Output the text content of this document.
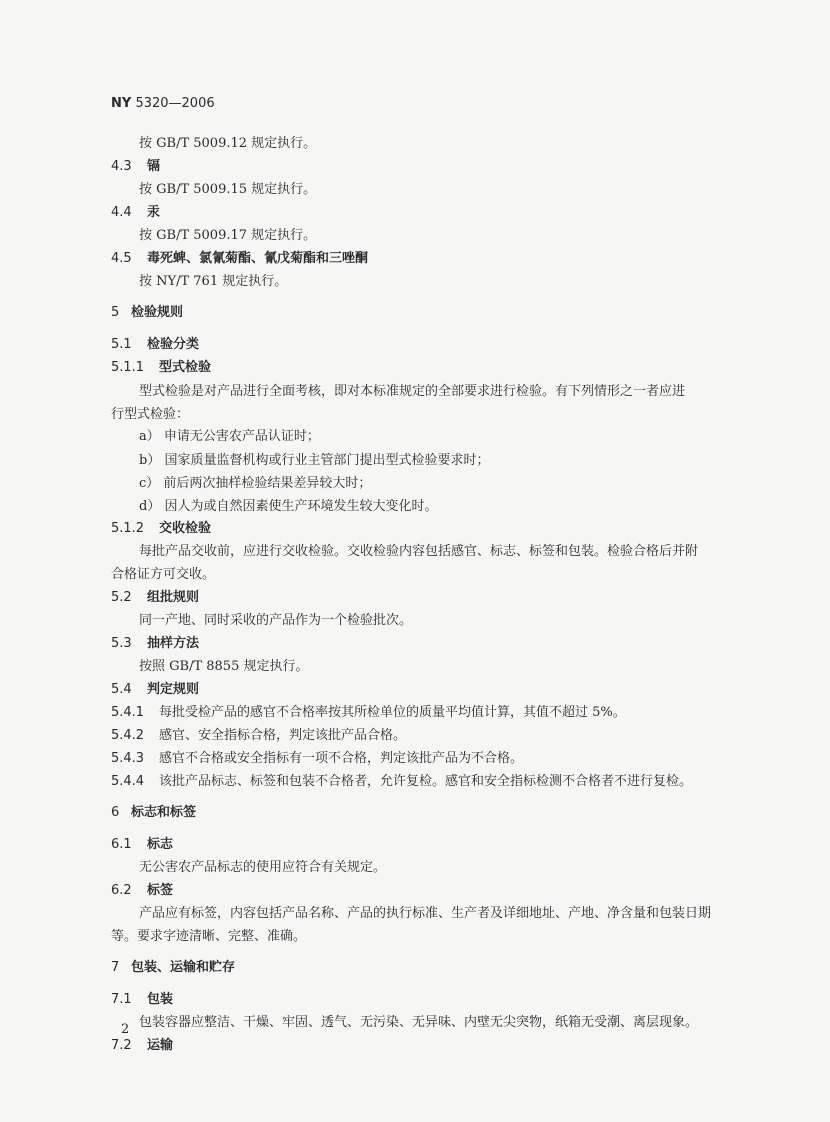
NY 5320—2006
按 GB/T 5009.12 规定执行。
4.3 镉
按 GB/T 5009.15 规定执行。
4.4 汞
按 GB/T 5009.17 规定执行。
4.5 毒死蜱、氯氰菊酯、氰戊菊酯和三唑酮
按 NY/T 761 规定执行。
5 检验规则
5.1 检验分类
5.1.1 型式检验
型式检验是对产品进行全面考核，即对本标准规定的全部要求进行检验。有下列情形之一者应进
行型式检验：
a） 申请无公害农产品认证时；
b） 国家质量监督机构或行业主管部门提出型式检验要求时；
c） 前后两次抽样检验结果差异较大时；
d） 因人为或自然因素使生产环境发生较大变化时。
5.1.2 交收检验
每批产品交收前，应进行交收检验。交收检验内容包括感官、标志、标签和包装。检验合格后并附
合格证方可交收。
5.2 组批规则
同一产地、同时采收的产品作为一个检验批次。
5.3 抽样方法
按照 GB/T 8855 规定执行。
5.4 判定规则
5.4.1 每批受检产品的感官不合格率按其所检单位的质量平均值计算，其值不超过 5%。
5.4.2 感官、安全指标合格，判定该批产品合格。
5.4.3 感官不合格或安全指标有一项不合格，判定该批产品为不合格。
5.4.4 该批产品标志、标签和包装不合格者，允许复检。感官和安全指标检测不合格者不进行复检。
6 标志和标签
6.1 标志
无公害农产品标志的使用应符合有关规定。
6.2 标签
产品应有标签，内容包括产品名称、产品的执行标准、生产者及详细地址、产地、净含量和包装日期
等。要求字迹清晰、完整、准确。
7 包装、运输和贮存
7.1 包装
包装容器应整洁、干燥、牢固、透气、无污染、无异味、内壁无尖突物，纸箱无受潮、离层现象。
7.2 运输
2
